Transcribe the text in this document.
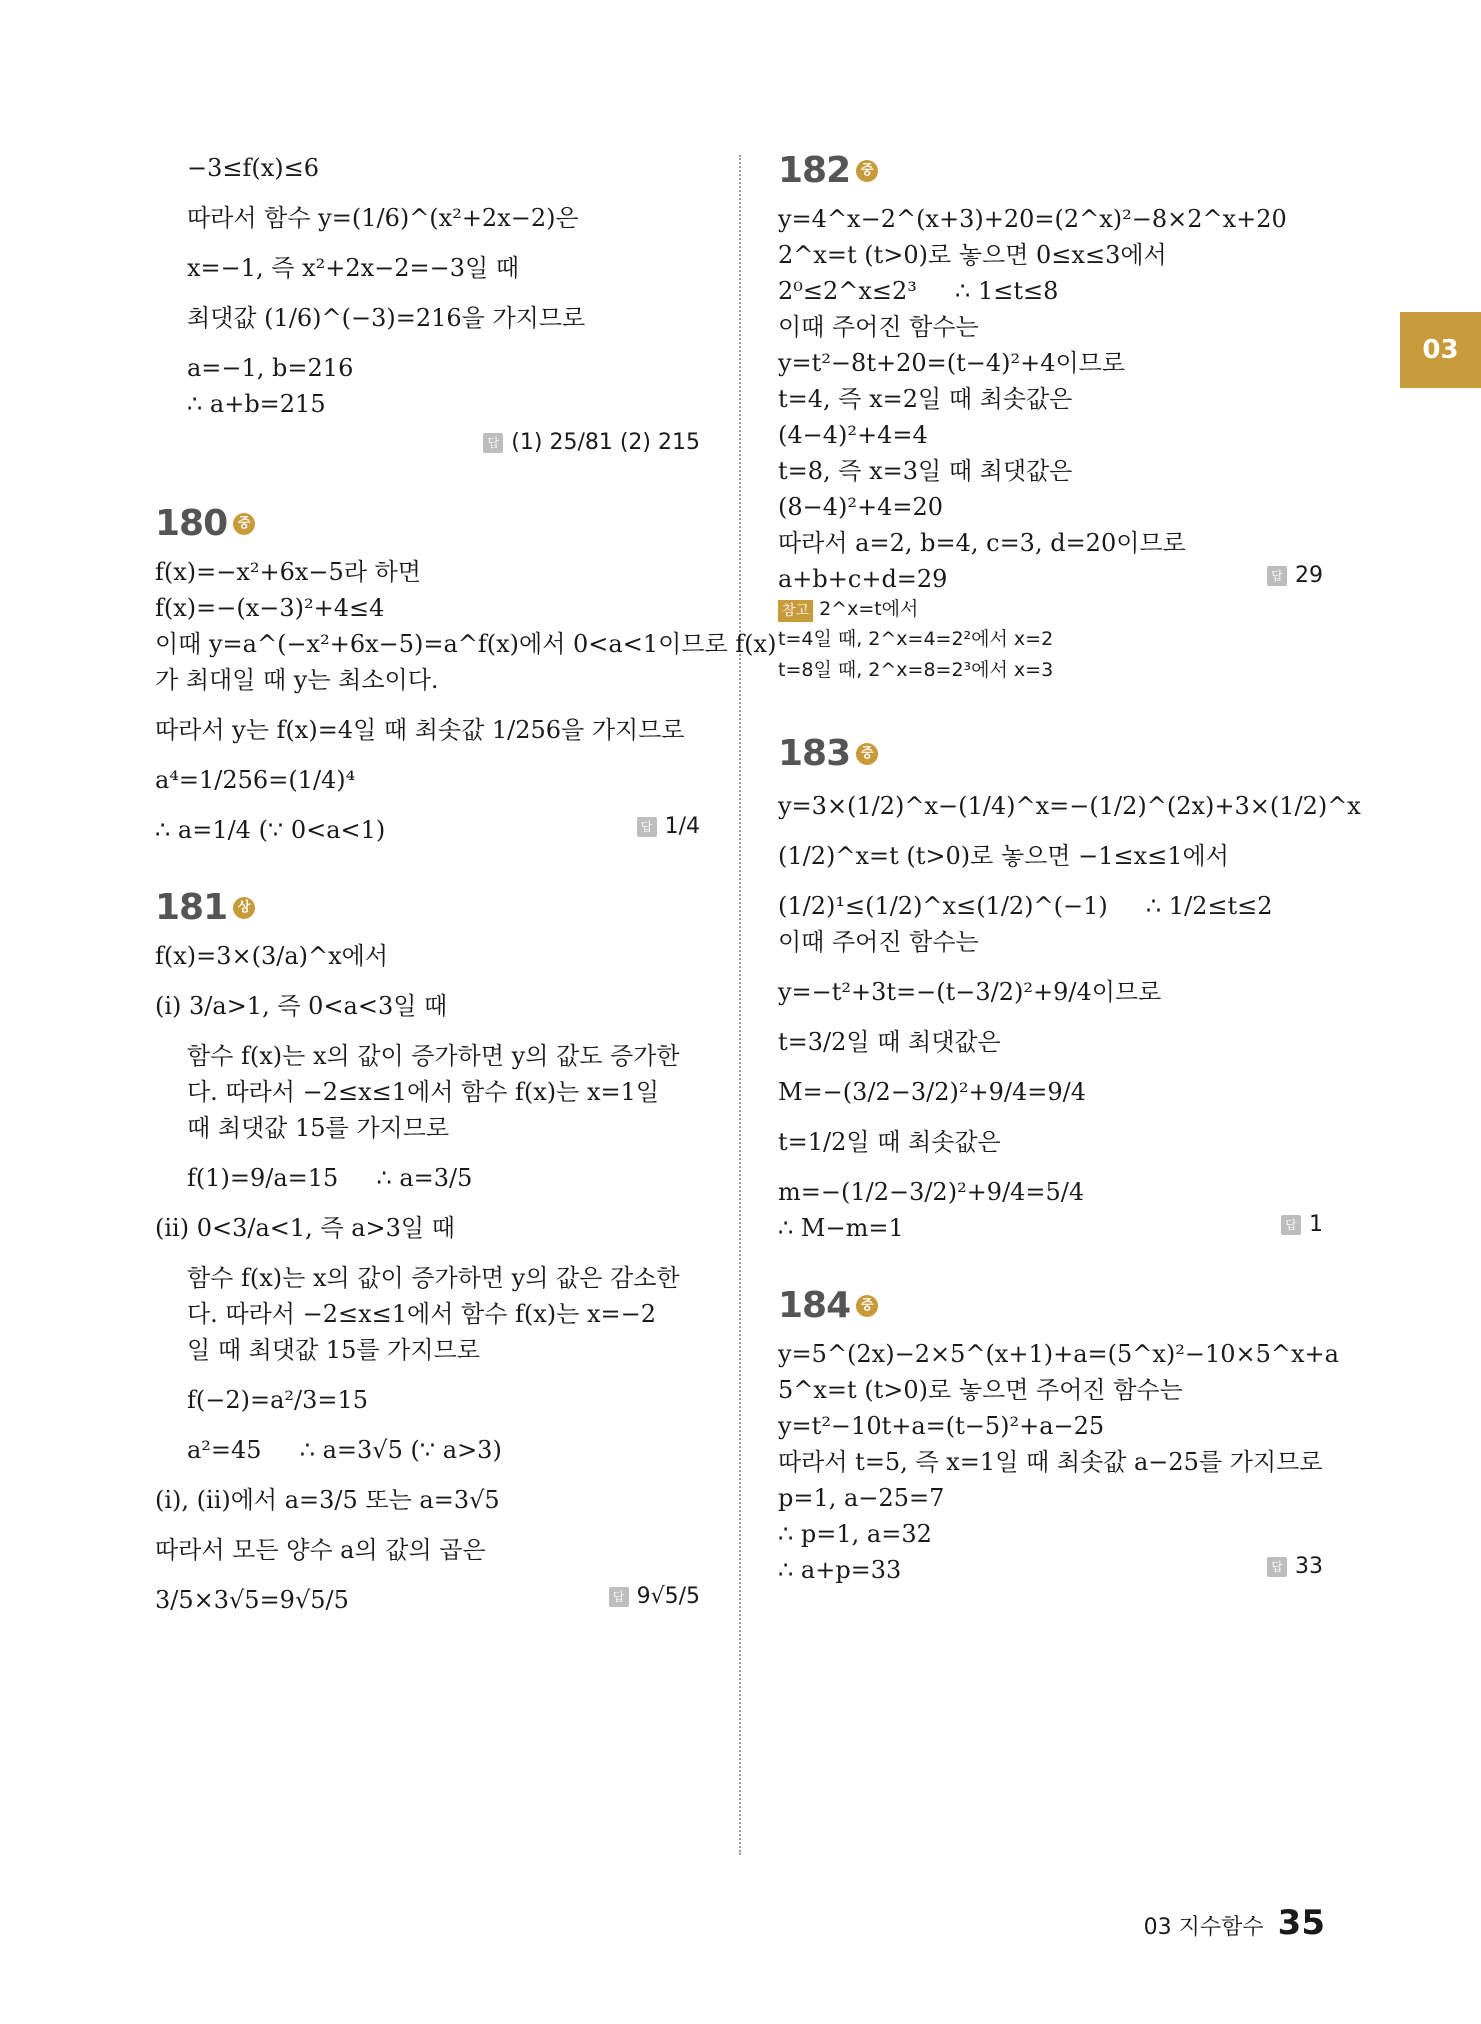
03
−3≤f(x)≤6
따라서 함수 y=(1/6)^(x²+2x−2)은
x=−1, 즉 x²+2x−2=−3일 때
최댓값 (1/6)^(−3)=216을 가지므로
a=−1, b=216
∴ a+b=215
답 (1) 25/81 (2) 215
180 중
f(x)=−x²+6x−5라 하면
f(x)=−(x−3)²+4≤4
이때 y=a^(−x²+6x−5)=a^f(x)에서 0<a<1이므로 f(x)
가 최대일 때 y는 최소이다.
따라서 y는 f(x)=4일 때 최솟값 1/256을 가지므로
a⁴=1/256=(1/4)⁴
∴ a=1/4 (∵ 0<a<1)	답 1/4
181 상
f(x)=3×(3/a)^x에서
(i) 3/a>1, 즉 0<a<3일 때
함수 f(x)는 x의 값이 증가하면 y의 값도 증가한
다. 따라서 −2≤x≤1에서 함수 f(x)는 x=1일
때 최댓값 15를 가지므로
f(1)=9/a=15     ∴ a=3/5
(ii) 0<3/a<1, 즉 a>3일 때
함수 f(x)는 x의 값이 증가하면 y의 값은 감소한
다. 따라서 −2≤x≤1에서 함수 f(x)는 x=−2
일 때 최댓값 15를 가지므로
f(−2)=a²/3=15
a²=45     ∴ a=3√5 (∵ a>3)
(i), (ii)에서 a=3/5 또는 a=3√5
따라서 모든 양수 a의 값의 곱은
3/5×3√5=9√5/5	답 9√5/5
182 중
y=4^x−2^(x+3)+20=(2^x)²−8×2^x+20
2^x=t (t>0)로 놓으면 0≤x≤3에서
2⁰≤2^x≤2³     ∴ 1≤t≤8
이때 주어진 함수는
y=t²−8t+20=(t−4)²+4이므로
t=4, 즉 x=2일 때 최솟값은
(4−4)²+4=4
t=8, 즉 x=3일 때 최댓값은
(8−4)²+4=20
따라서 a=2, b=4, c=3, d=20이므로
a+b+c+d=29	답 29
참고 2^x=t에서
t=4일 때, 2^x=4=2²에서 x=2
t=8일 때, 2^x=8=2³에서 x=3
183 중
y=3×(1/2)^x−(1/4)^x=−(1/2)^(2x)+3×(1/2)^x
(1/2)^x=t (t>0)로 놓으면 −1≤x≤1에서
(1/2)¹≤(1/2)^x≤(1/2)^(−1)     ∴ 1/2≤t≤2
이때 주어진 함수는
y=−t²+3t=−(t−3/2)²+9/4이므로
t=3/2일 때 최댓값은
M=−(3/2−3/2)²+9/4=9/4
t=1/2일 때 최솟값은
m=−(1/2−3/2)²+9/4=5/4
∴ M−m=1	답 1
184 중
y=5^(2x)−2×5^(x+1)+a=(5^x)²−10×5^x+a
5^x=t (t>0)로 놓으면 주어진 함수는
y=t²−10t+a=(t−5)²+a−25
따라서 t=5, 즉 x=1일 때 최솟값 a−25를 가지므로
p=1, a−25=7
∴ p=1, a=32
∴ a+p=33	답 33
03 지수함수 35
